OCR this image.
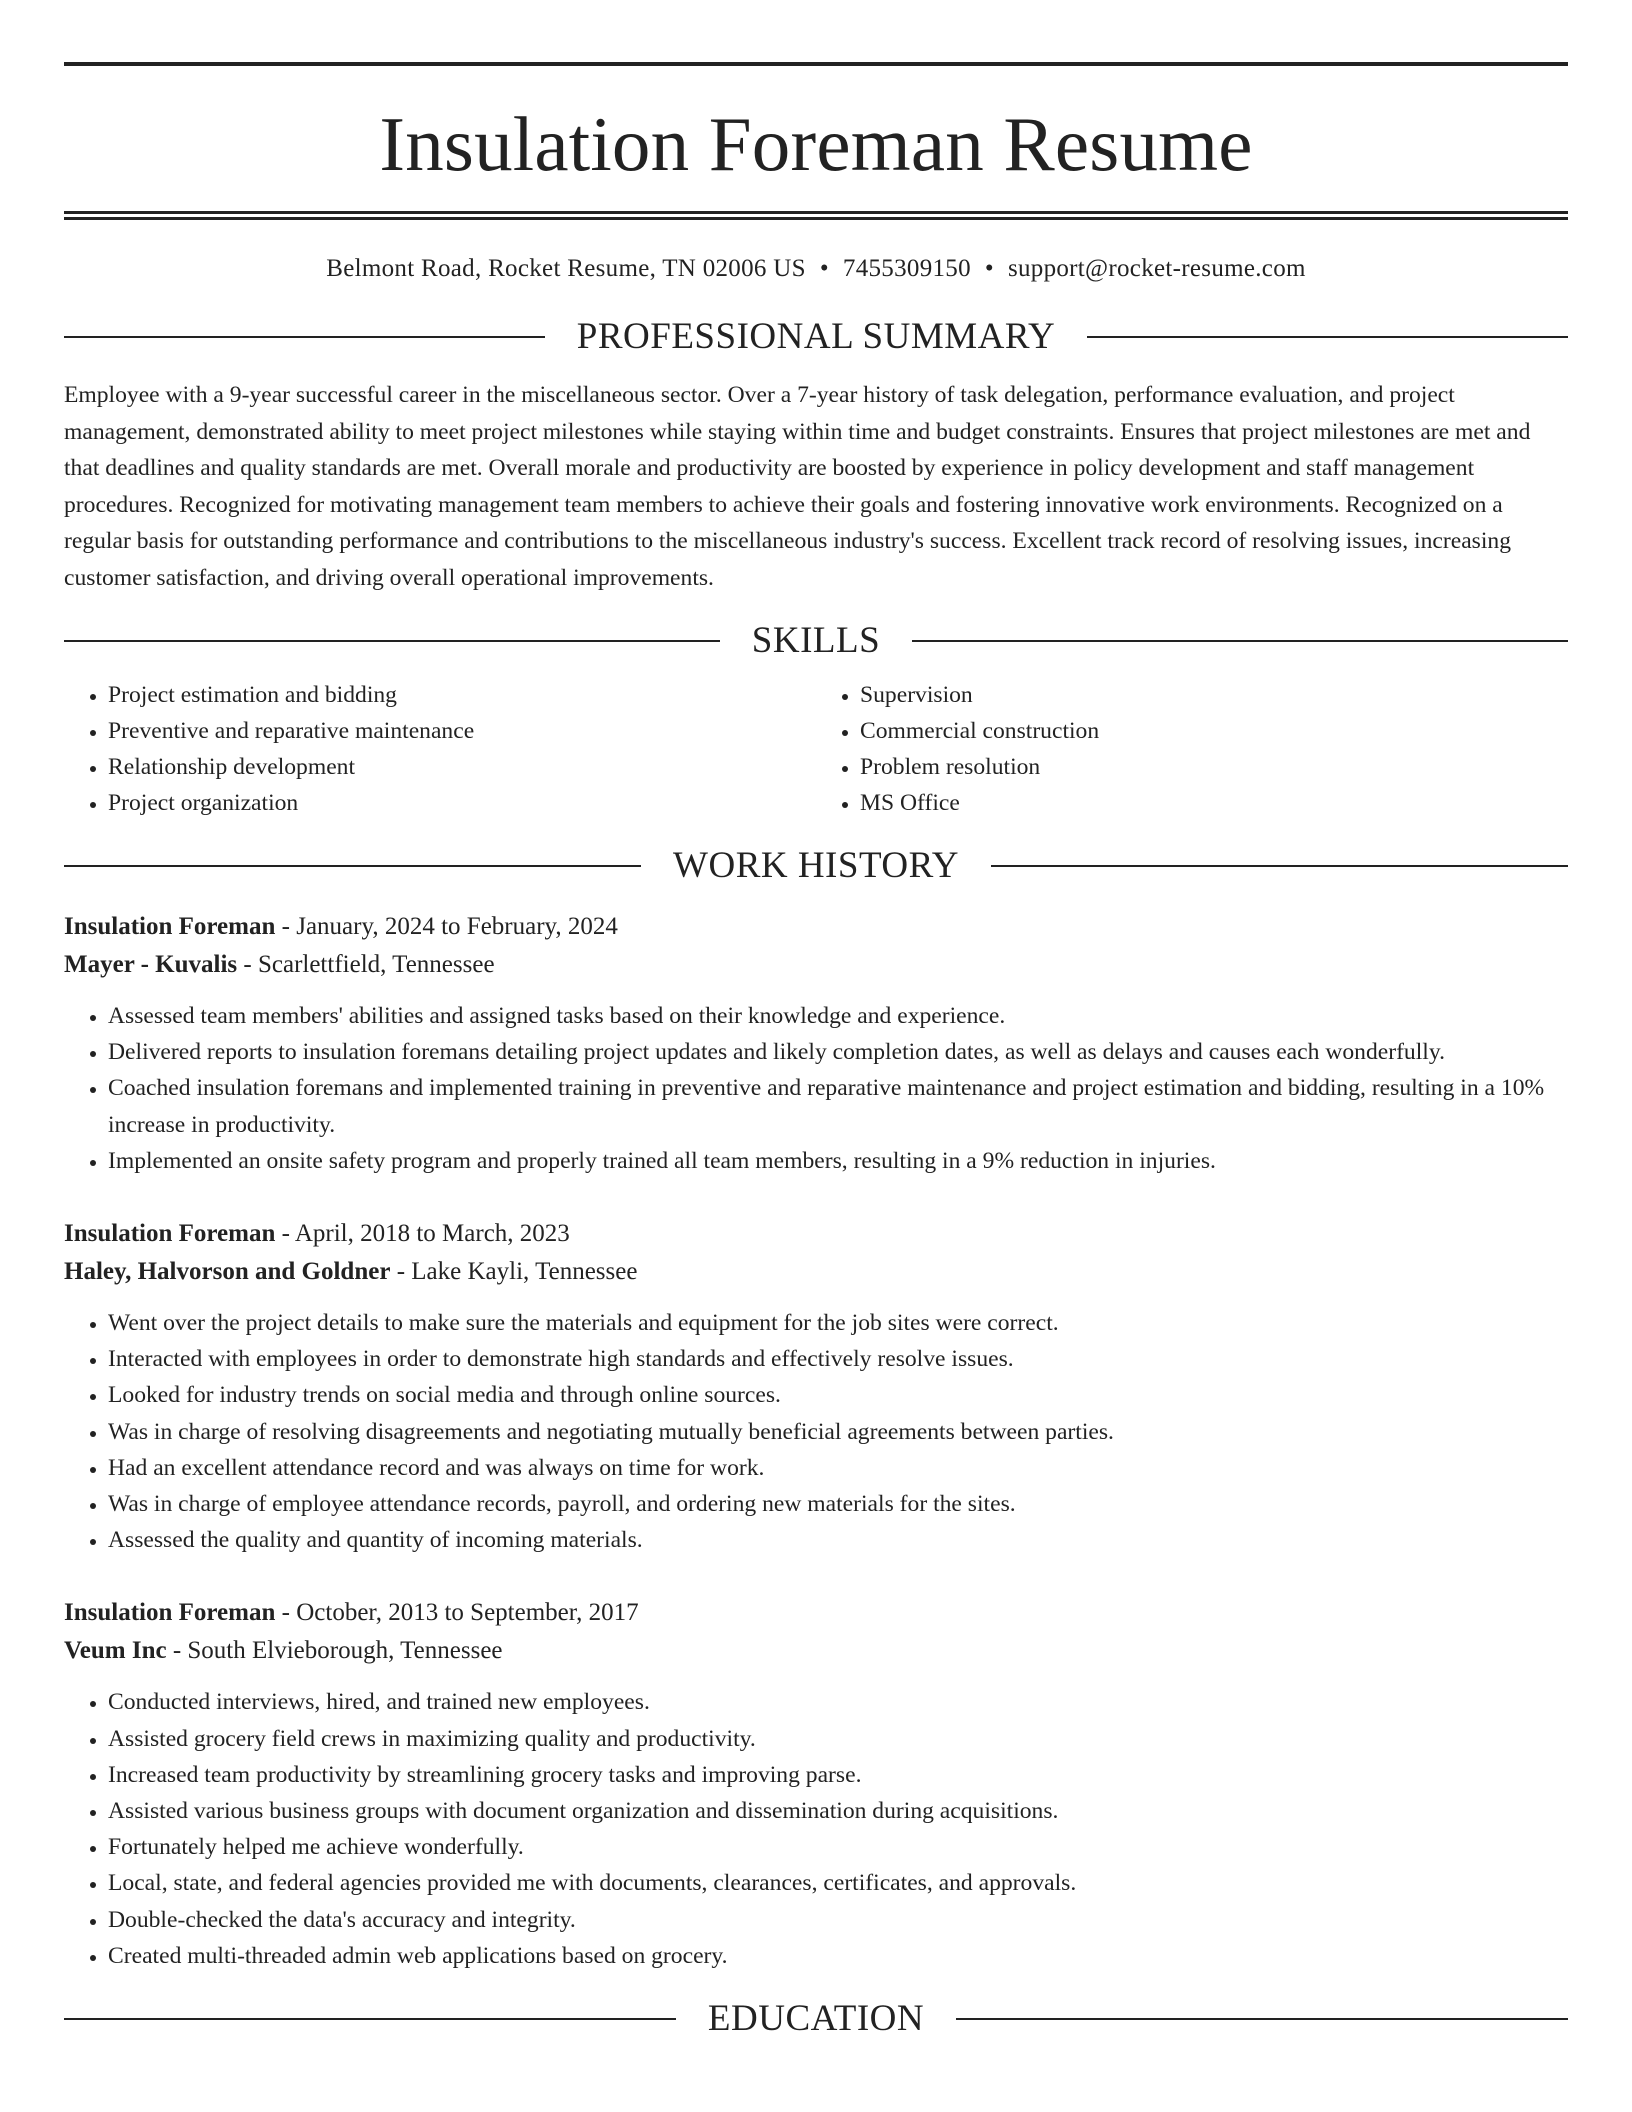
Insulation Foreman Resume
Belmont Road, Rocket Resume, TN 02006 US • 7455309150 • support@rocket-resume.com
PROFESSIONAL SUMMARY
Employee with a 9-year successful career in the miscellaneous sector. Over a 7-year history of task delegation, performance evaluation, and project management, demonstrated ability to meet project milestones while staying within time and budget constraints. Ensures that project milestones are met and that deadlines and quality standards are met. Overall morale and productivity are boosted by experience in policy development and staff management procedures. Recognized for motivating management team members to achieve their goals and fostering innovative work environments. Recognized on a regular basis for outstanding performance and contributions to the miscellaneous industry's success. Excellent track record of resolving issues, increasing customer satisfaction, and driving overall operational improvements.
SKILLS
• Project estimation and bidding
• Preventive and reparative maintenance
• Relationship development
• Project organization
• Supervision
• Commercial construction
• Problem resolution
• MS Office
WORK HISTORY
Insulation Foreman - January, 2024 to February, 2024
Mayer - Kuvalis - Scarlettfield, Tennessee
• Assessed team members' abilities and assigned tasks based on their knowledge and experience.
• Delivered reports to insulation foremans detailing project updates and likely completion dates, as well as delays and causes each wonderfully.
• Coached insulation foremans and implemented training in preventive and reparative maintenance and project estimation and bidding, resulting in a 10% increase in productivity.
• Implemented an onsite safety program and properly trained all team members, resulting in a 9% reduction in injuries.
Insulation Foreman - April, 2018 to March, 2023
Haley, Halvorson and Goldner - Lake Kayli, Tennessee
• Went over the project details to make sure the materials and equipment for the job sites were correct.
• Interacted with employees in order to demonstrate high standards and effectively resolve issues.
• Looked for industry trends on social media and through online sources.
• Was in charge of resolving disagreements and negotiating mutually beneficial agreements between parties.
• Had an excellent attendance record and was always on time for work.
• Was in charge of employee attendance records, payroll, and ordering new materials for the sites.
• Assessed the quality and quantity of incoming materials.
Insulation Foreman - October, 2013 to September, 2017
Veum Inc - South Elvieborough, Tennessee
• Conducted interviews, hired, and trained new employees.
• Assisted grocery field crews in maximizing quality and productivity.
• Increased team productivity by streamlining grocery tasks and improving parse.
• Assisted various business groups with document organization and dissemination during acquisitions.
• Fortunately helped me achieve wonderfully.
• Local, state, and federal agencies provided me with documents, clearances, certificates, and approvals.
• Double-checked the data's accuracy and integrity.
• Created multi-threaded admin web applications based on grocery.
EDUCATION
